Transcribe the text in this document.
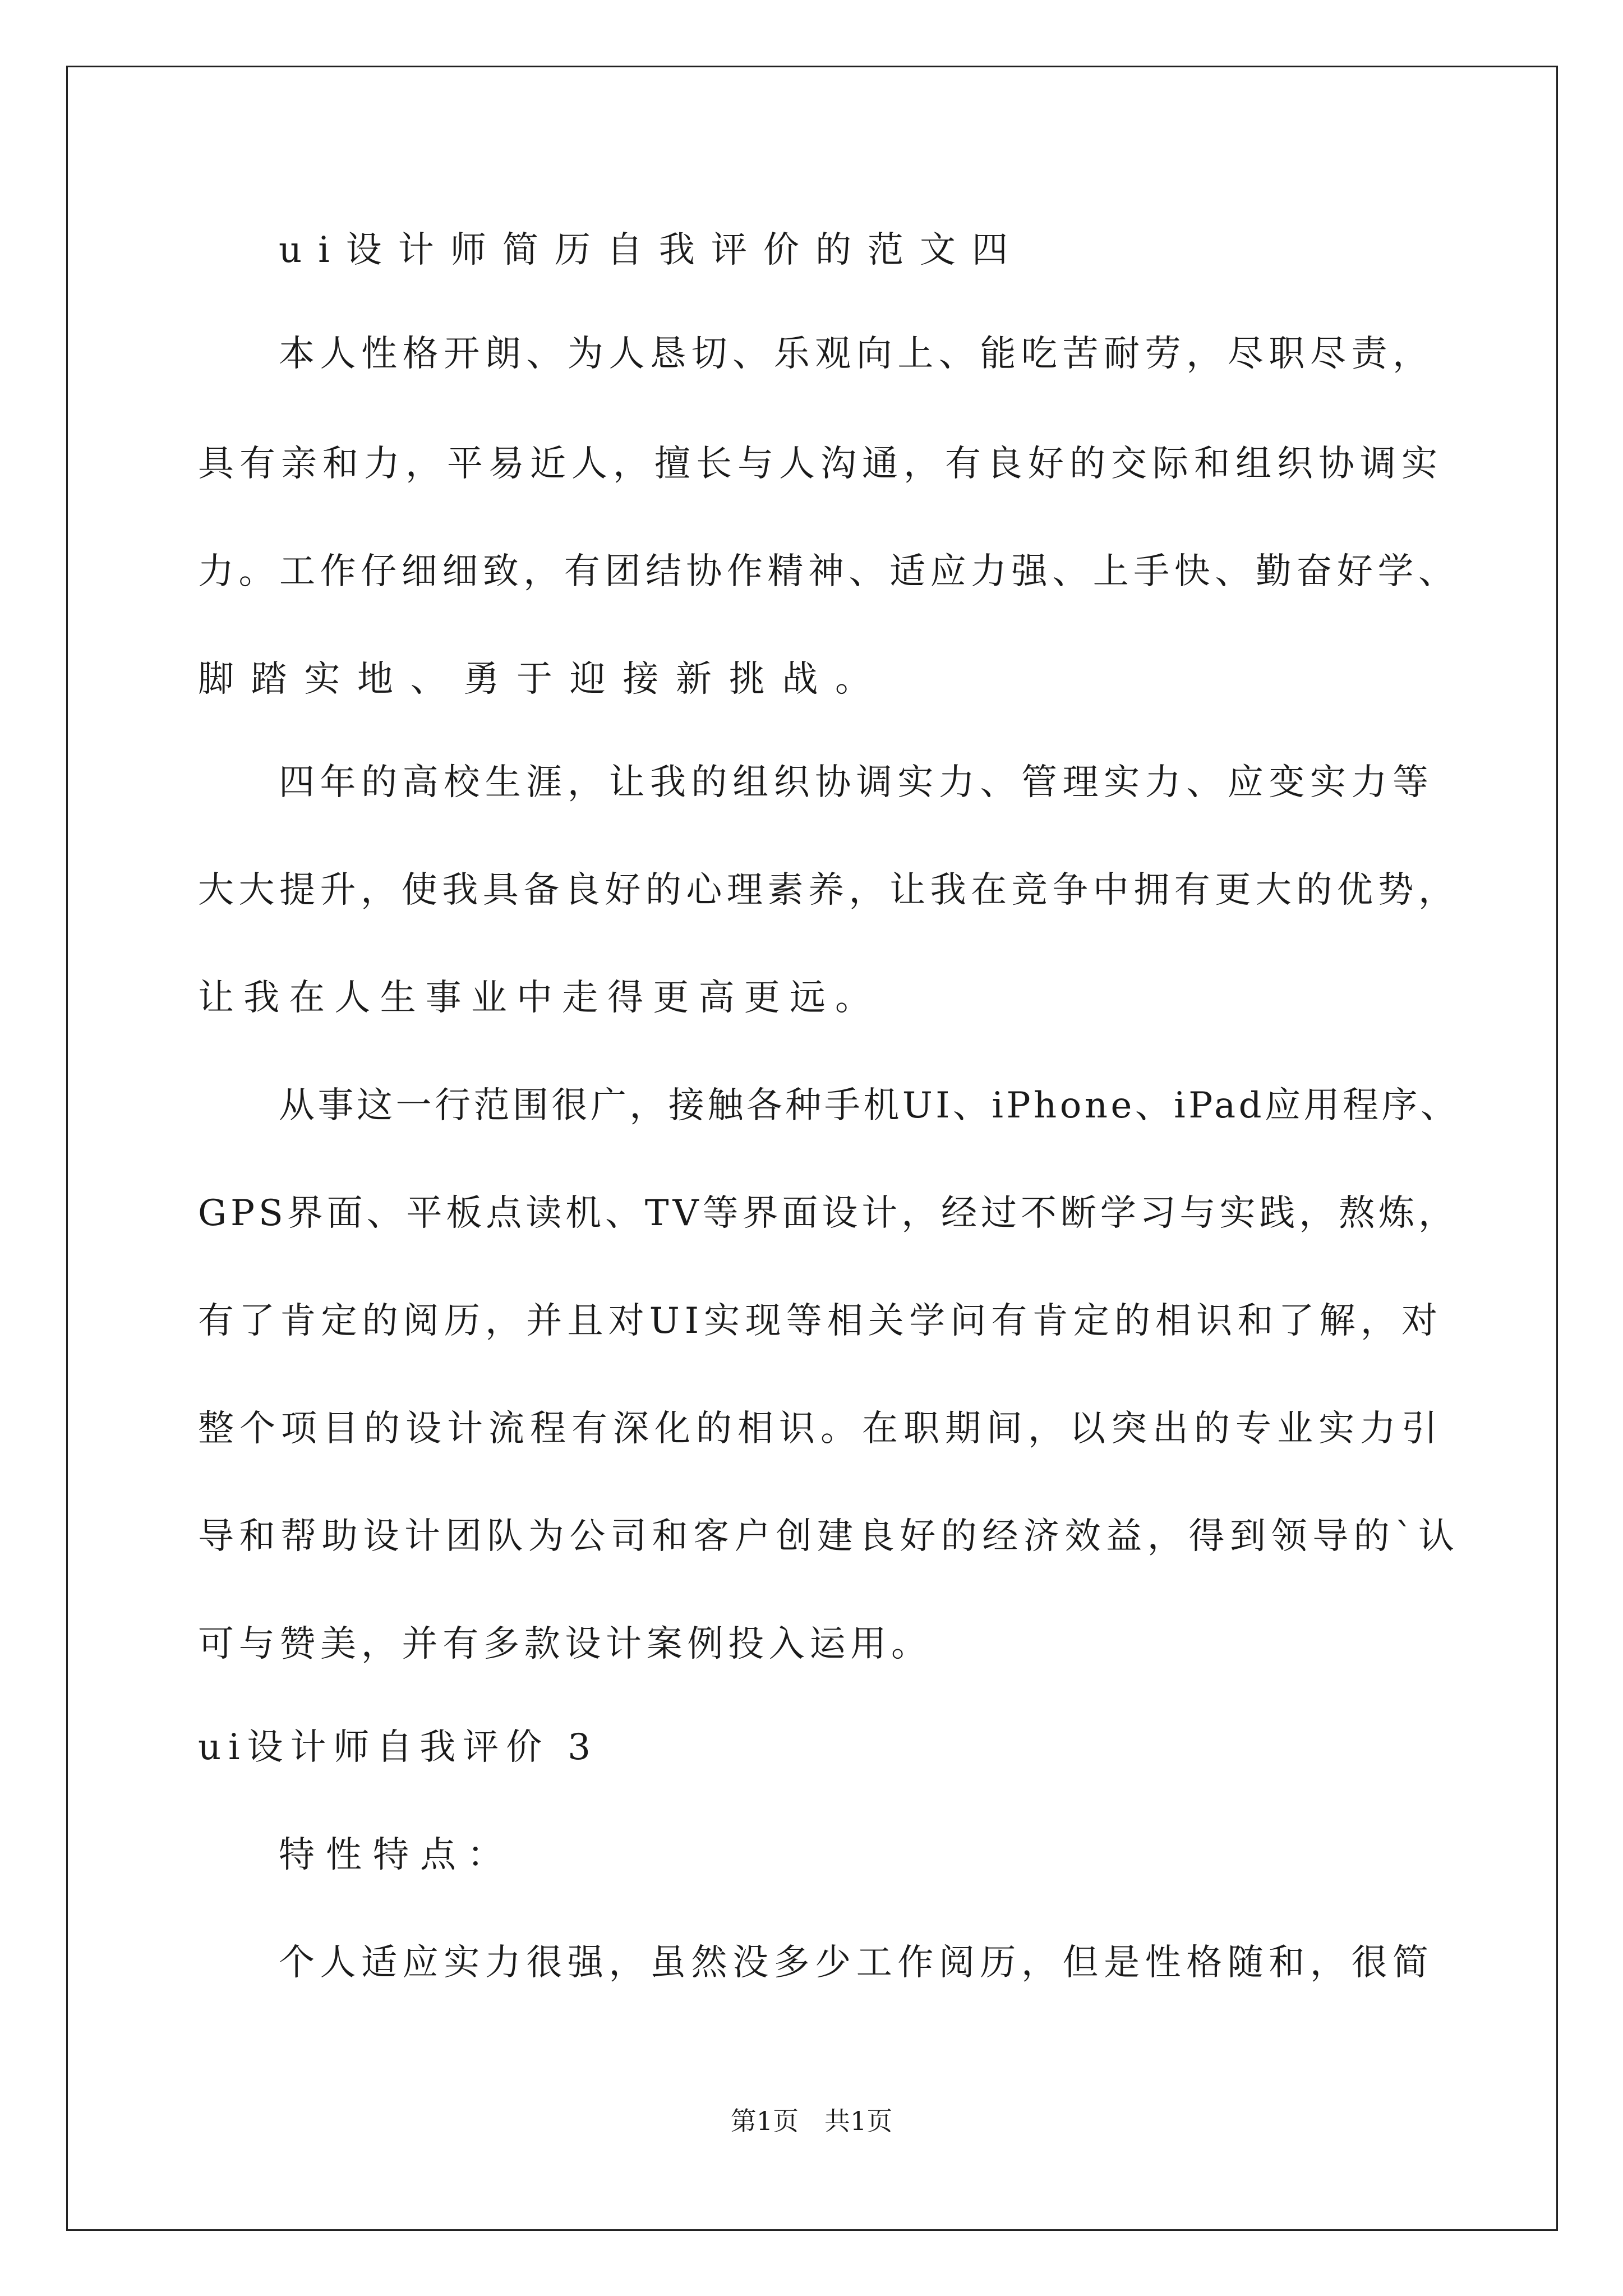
ui设计师简历自我评价的范文四
本人性格开朗、为人恳切、乐观向上、能吃苦耐劳，尽职尽责，
具有亲和力，平易近人，擅长与人沟通，有良好的交际和组织协调实
力。工作仔细细致，有团结协作精神、适应力强、上手快、勤奋好学、
脚踏实地、勇于迎接新挑战。
四年的高校生涯，让我的组织协调实力、管理实力、应变实力等
大大提升，使我具备良好的心理素养，让我在竞争中拥有更大的优势，
让我在人生事业中走得更高更远。
从事这一行范围很广，接触各种手机UI、iPhone、iPad应用程序、
GPS界面、平板点读机、TV等界面设计，经过不断学习与实践，熬炼，
有了肯定的阅历，并且对UI实现等相关学问有肯定的相识和了解，对
整个项目的设计流程有深化的相识。在职期间，以突出的专业实力引
导和帮助设计团队为公司和客户创建良好的经济效益，得到领导的`认
可与赞美，并有多款设计案例投入运用。
ui设计师自我评价 3
特性特点：
个人适应实力很强，虽然没多少工作阅历，但是性格随和，很简
第1页 共1页
